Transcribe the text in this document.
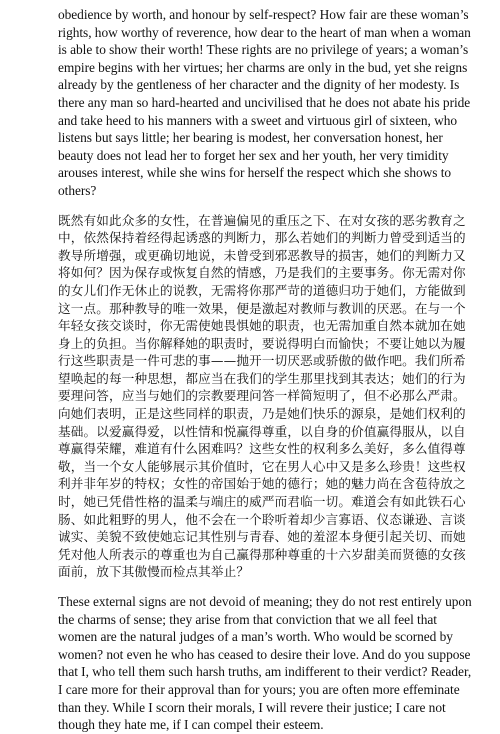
obedience by worth, and honour by self-respect? How fair are these woman’s rights, how worthy of reverence, how dear to the heart of man when a woman is able to show their worth! These rights are no privilege of years; a woman’s empire begins with her virtues; her charms are only in the bud, yet she reigns already by the gentleness of her character and the dignity of her modesty. Is there any man so hard-hearted and uncivilised that he does not abate his pride and take heed to his manners with a sweet and virtuous girl of sixteen, who listens but says little; her bearing is modest, her conversation honest, her beauty does not lead her to forget her sex and her youth, her very timidity arouses interest, while she wins for herself the respect which she shows to others?

既然有如此众多的女性，在普遍偏见的重压之下、在对女孩的恶劣教育之中，依然保持着经得起诱惑的判断力，那么若她们的判断力曾受到适当的教导所增强，或更确切地说，未曾受到邪恶教导的损害，她们的判断力又将如何？因为保存或恢复自然的情感，乃是我们的主要事务。你无需对你的女儿们作无休止的说教，无需将你那严苛的道德归功于她们，方能做到这一点。那种教导的唯一效果，便是激起对教师与教训的厌恶。在与一个年轻女孩交谈时，你无需使她畏惧她的职责，也无需加重自然本就加在她身上的负担。当你解释她的职责时，要说得明白而愉快；不要让她以为履行这些职责是一件可悲的事——抛开一切厌恶或骄傲的做作吧。我们所希望唤起的每一种思想，都应当在我们的学生那里找到其表达；她们的行为要理问答，应当与她们的宗教要理问答一样简短明了，但不必那么严肃。向她们表明，正是这些同样的职责，乃是她们快乐的源泉，是她们权利的基础。以爱赢得爱，以性情和悦赢得尊重，以自身的价值赢得服从，以自尊赢得荣耀，难道有什么困难吗？这些女性的权利多么美好，多么值得尊敬，当一个女人能够展示其价值时，它在男人心中又是多么珍贵！这些权利并非年岁的特权；女性的帝国始于她的德行；她的魅力尚在含苞待放之时，她已凭借性格的温柔与端庄的威严而君临一切。难道会有如此铁石心肠、如此粗野的男人，他不会在一个聆听着却少言寡语、仪态谦逊、言谈诚实、美貌不致使她忘记其性别与青春、她的羞涩本身便引起关切、而她凭对他人所表示的尊重也为自己赢得那种尊重的十六岁甜美而贤德的女孩面前，放下其傲慢而检点其举止？

These external signs are not devoid of meaning; they do not rest entirely upon the charms of sense; they arise from that conviction that we all feel that women are the natural judges of a man’s worth. Who would be scorned by women? not even he who has ceased to desire their love. And do you suppose that I, who tell them such harsh truths, am indifferent to their verdict? Reader, I care more for their approval than for yours; you are often more effeminate than they. While I scorn their morals, I will revere their justice; I care not though they hate me, if I can compel their esteem.
